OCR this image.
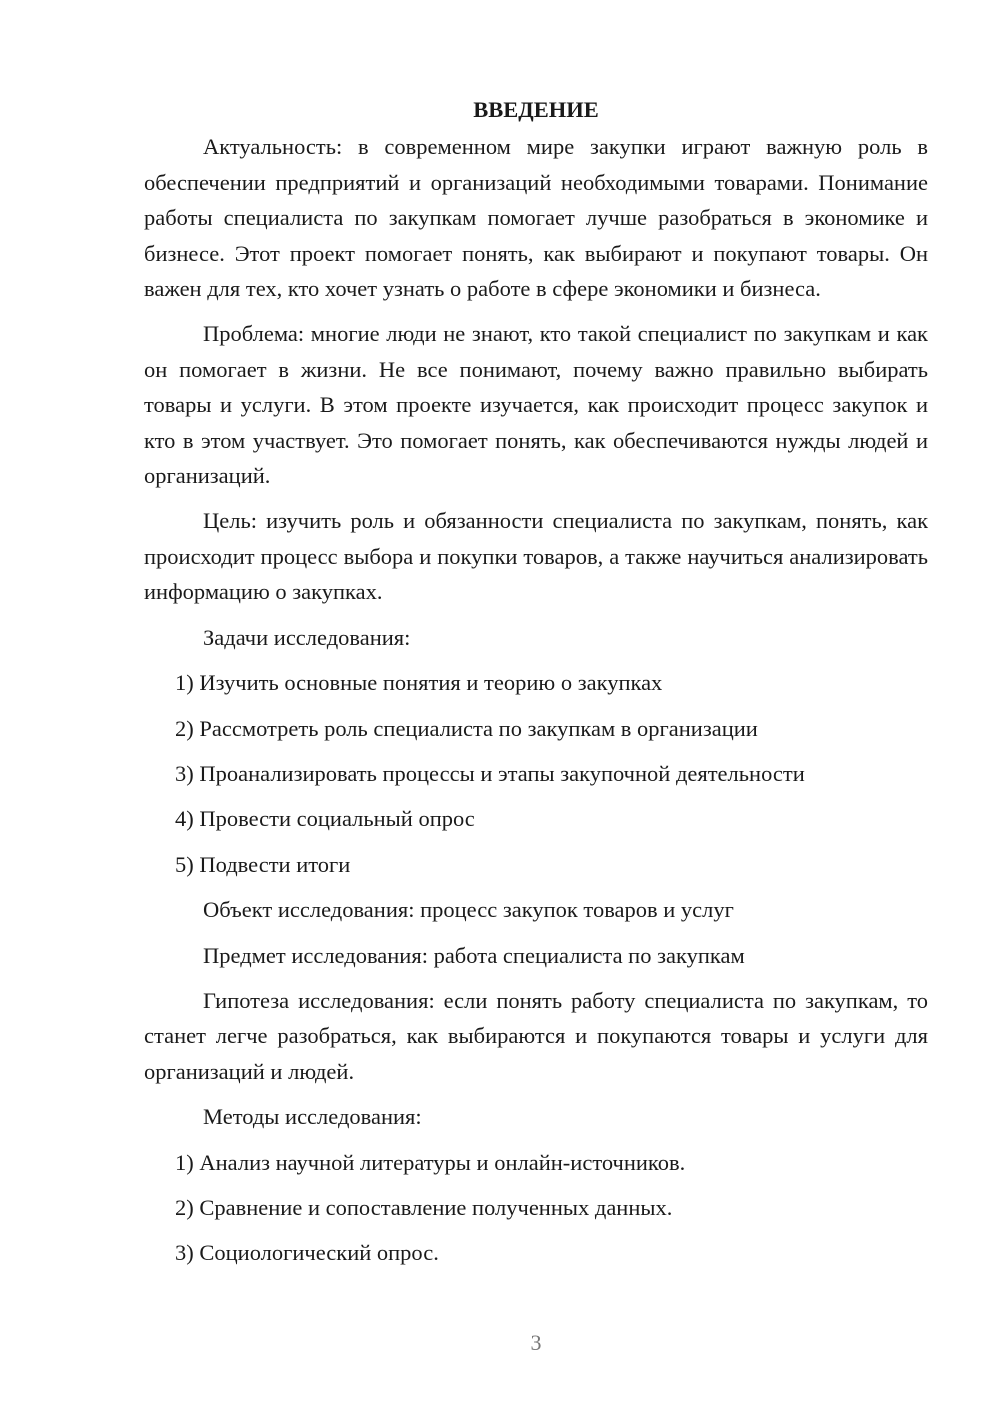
ВВЕДЕНИЕ

Актуальность: в современном мире закупки играют важную роль в обеспечении предприятий и организаций необходимыми товарами. Понимание работы специалиста по закупкам помогает лучше разобраться в экономике и бизнесе. Этот проект помогает понять, как выбирают и покупают товары. Он важен для тех, кто хочет узнать о работе в сфере экономики и бизнеса.

Проблема: многие люди не знают, кто такой специалист по закупкам и как он помогает в жизни. Не все понимают, почему важно правильно выбирать товары и услуги. В этом проекте изучается, как происходит процесс закупок и кто в этом участвует. Это помогает понять, как обеспечиваются нужды людей и организаций.

Цель: изучить роль и обязанности специалиста по закупкам, понять, как происходит процесс выбора и покупки товаров, а также научиться анализировать информацию о закупках.

Задачи исследования:

1) Изучить основные понятия и теорию о закупках

2) Рассмотреть роль специалиста по закупкам в организации

3) Проанализировать процессы и этапы закупочной деятельности

4) Провести социальный опрос

5) Подвести итоги

Объект исследования: процесс закупок товаров и услуг

Предмет исследования: работа специалиста по закупкам

Гипотеза исследования: если понять работу специалиста по закупкам, то станет легче разобраться, как выбираются и покупаются товары и услуги для организаций и людей.

Методы исследования:

1) Анализ научной литературы и онлайн-источников.

2) Сравнение и сопоставление полученных данных.

3) Социологический опрос.

3
